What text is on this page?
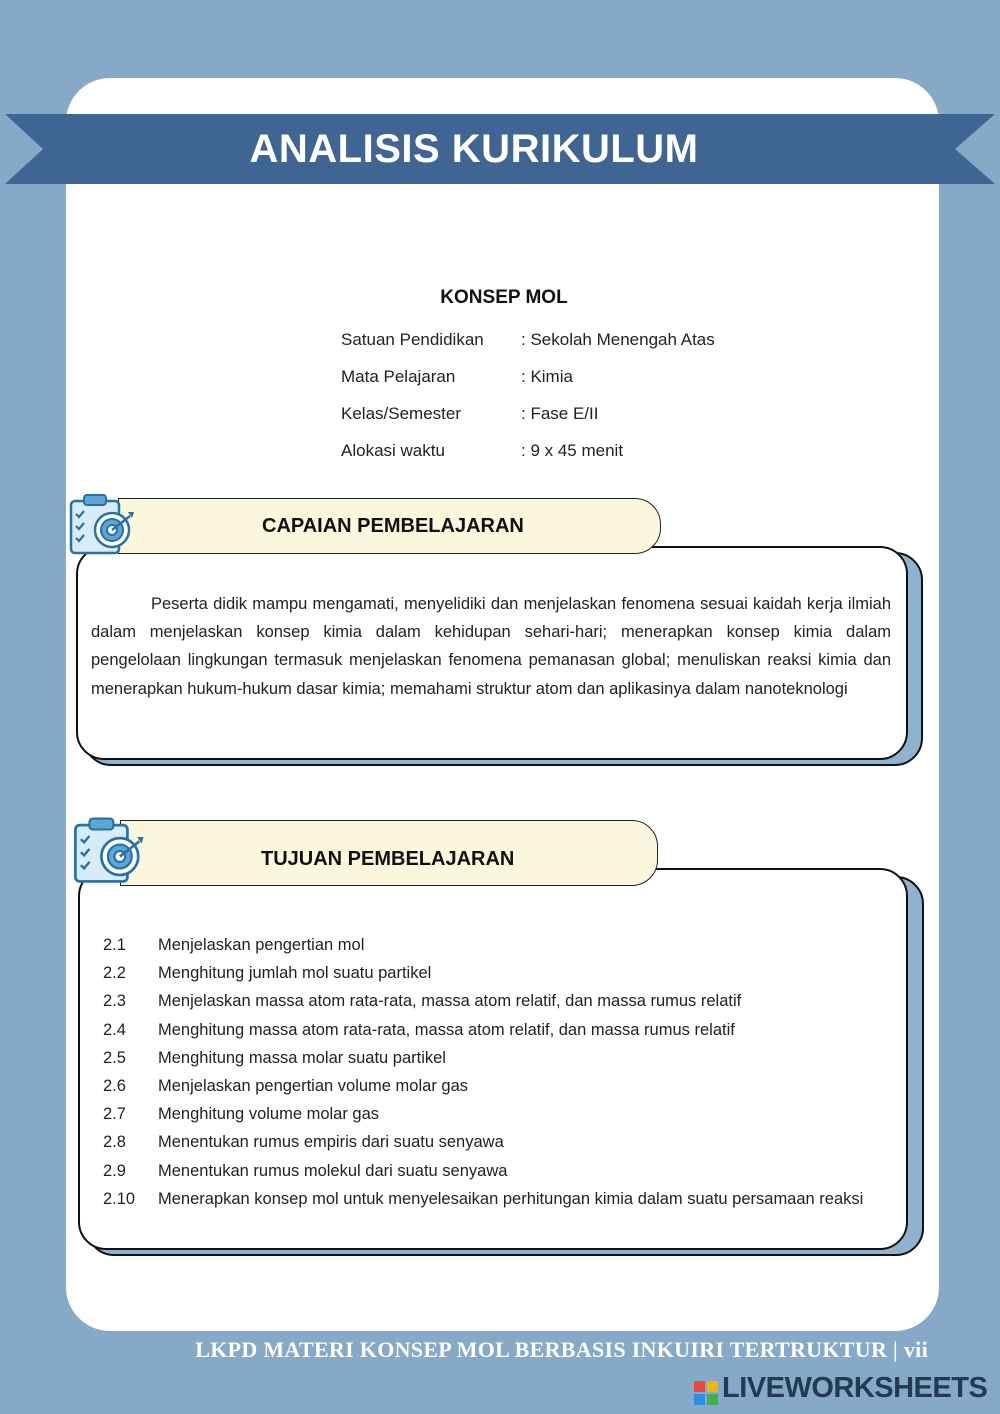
ANALISIS KURIKULUM
KONSEP MOL
Satuan Pendidikan : Sekolah Menengah Atas
Mata Pelajaran	: Kimia
Kelas/Semester	: Fase E/II
Alokasi waktu	: 9 x 45 menit
CAPAIAN PEMBELAJARAN

Peserta didik mampu mengamati, menyelidiki dan menjelaskan fenomena sesuai kaidah kerja ilmiah dalam menjelaskan konsep kimia dalam kehidupan sehari-hari; menerapkan konsep kimia dalam pengelolaan lingkungan termasuk menjelaskan fenomena pemanasan global; menuliskan reaksi kimia dan menerapkan hukum-hukum dasar kimia; memahami struktur atom dan aplikasinya dalam nanoteknologi

TUJUAN PEMBELAJARAN
2.1 Menjelaskan pengertian mol
2.2 Menghitung jumlah mol suatu partikel
2.3 Menjelaskan massa atom rata-rata, massa atom relatif, dan massa rumus relatif
2.4 Menghitung massa atom rata-rata, massa atom relatif, dan massa rumus relatif
2.5 Menghitung massa molar suatu partikel
2.6 Menjelaskan pengertian volume molar gas
2.7 Menghitung volume molar gas
2.8 Menentukan rumus empiris dari suatu senyawa
2.9 Menentukan rumus molekul dari suatu senyawa
2.10 Menerapkan konsep mol untuk menyelesaikan perhitungan kimia dalam suatu persamaan reaksi
LKPD MATERI KONSEP MOL BERBASIS INKUIRI TERTRUKTUR | vii
LIVEWORKSHEETS
